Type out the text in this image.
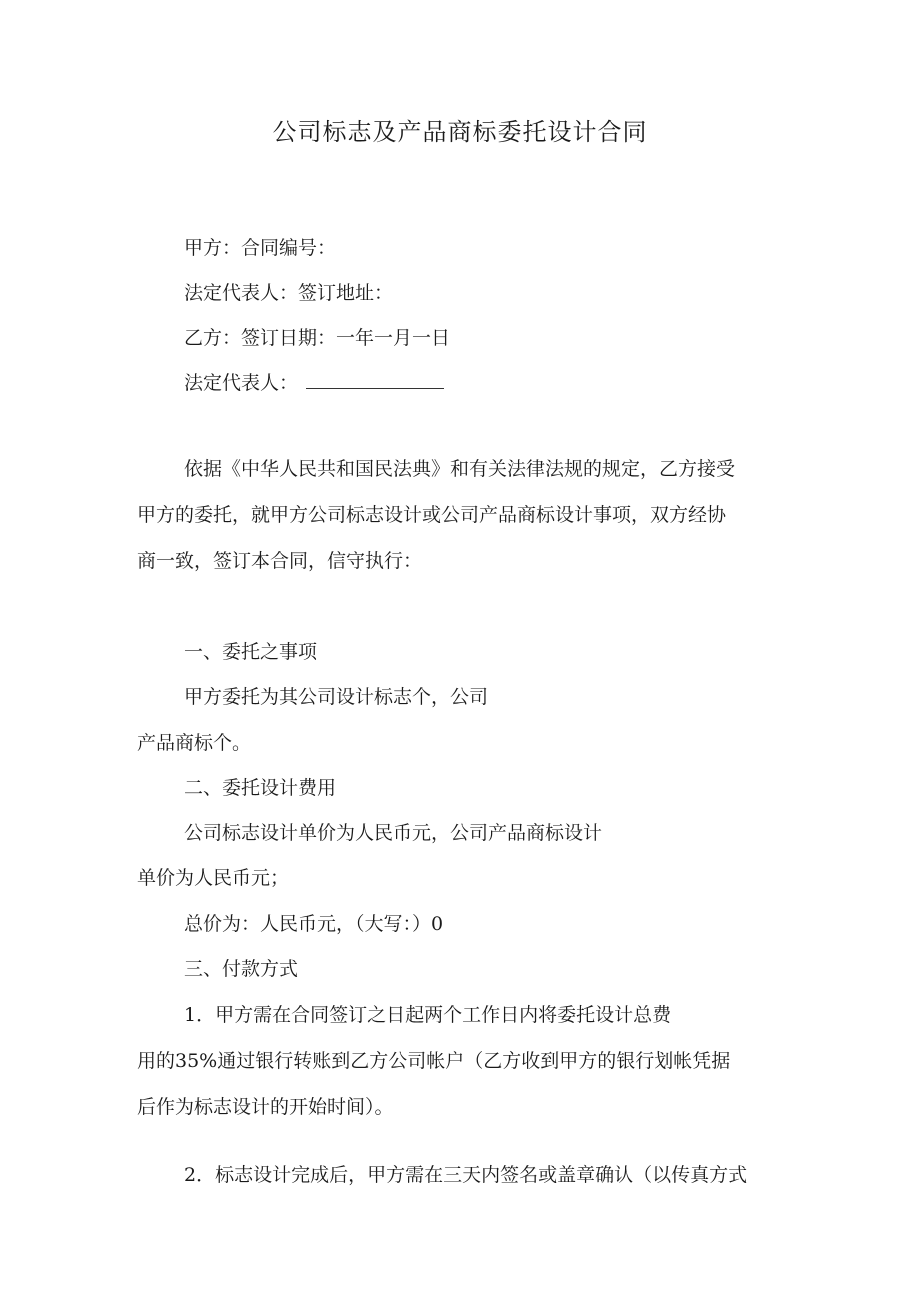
公司标志及产品商标委托设计合同
甲方：合同编号：
法定代表人：签订地址：
乙方：签订日期：一年一月一日
法定代表人：
依据《中华人民共和国民法典》和有关法律法规的规定，乙方接受
甲方的委托，就甲方公司标志设计或公司产品商标设计事项，双方经协
商一致，签订本合同，信守执行：
一、委托之事项
甲方委托为其公司设计标志个，公司
产品商标个。
二、委托设计费用
公司标志设计单价为人民币元，公司产品商标设计
单价为人民币元；
总价为：人民币元，（大写：）0
三、付款方式
1．甲方需在合同签订之日起两个工作日内将委托设计总费
用的35%通过银行转账到乙方公司帐户（乙方收到甲方的银行划帐凭据
后作为标志设计的开始时间）。
2．标志设计完成后，甲方需在三天内签名或盖章确认（以传真方式
